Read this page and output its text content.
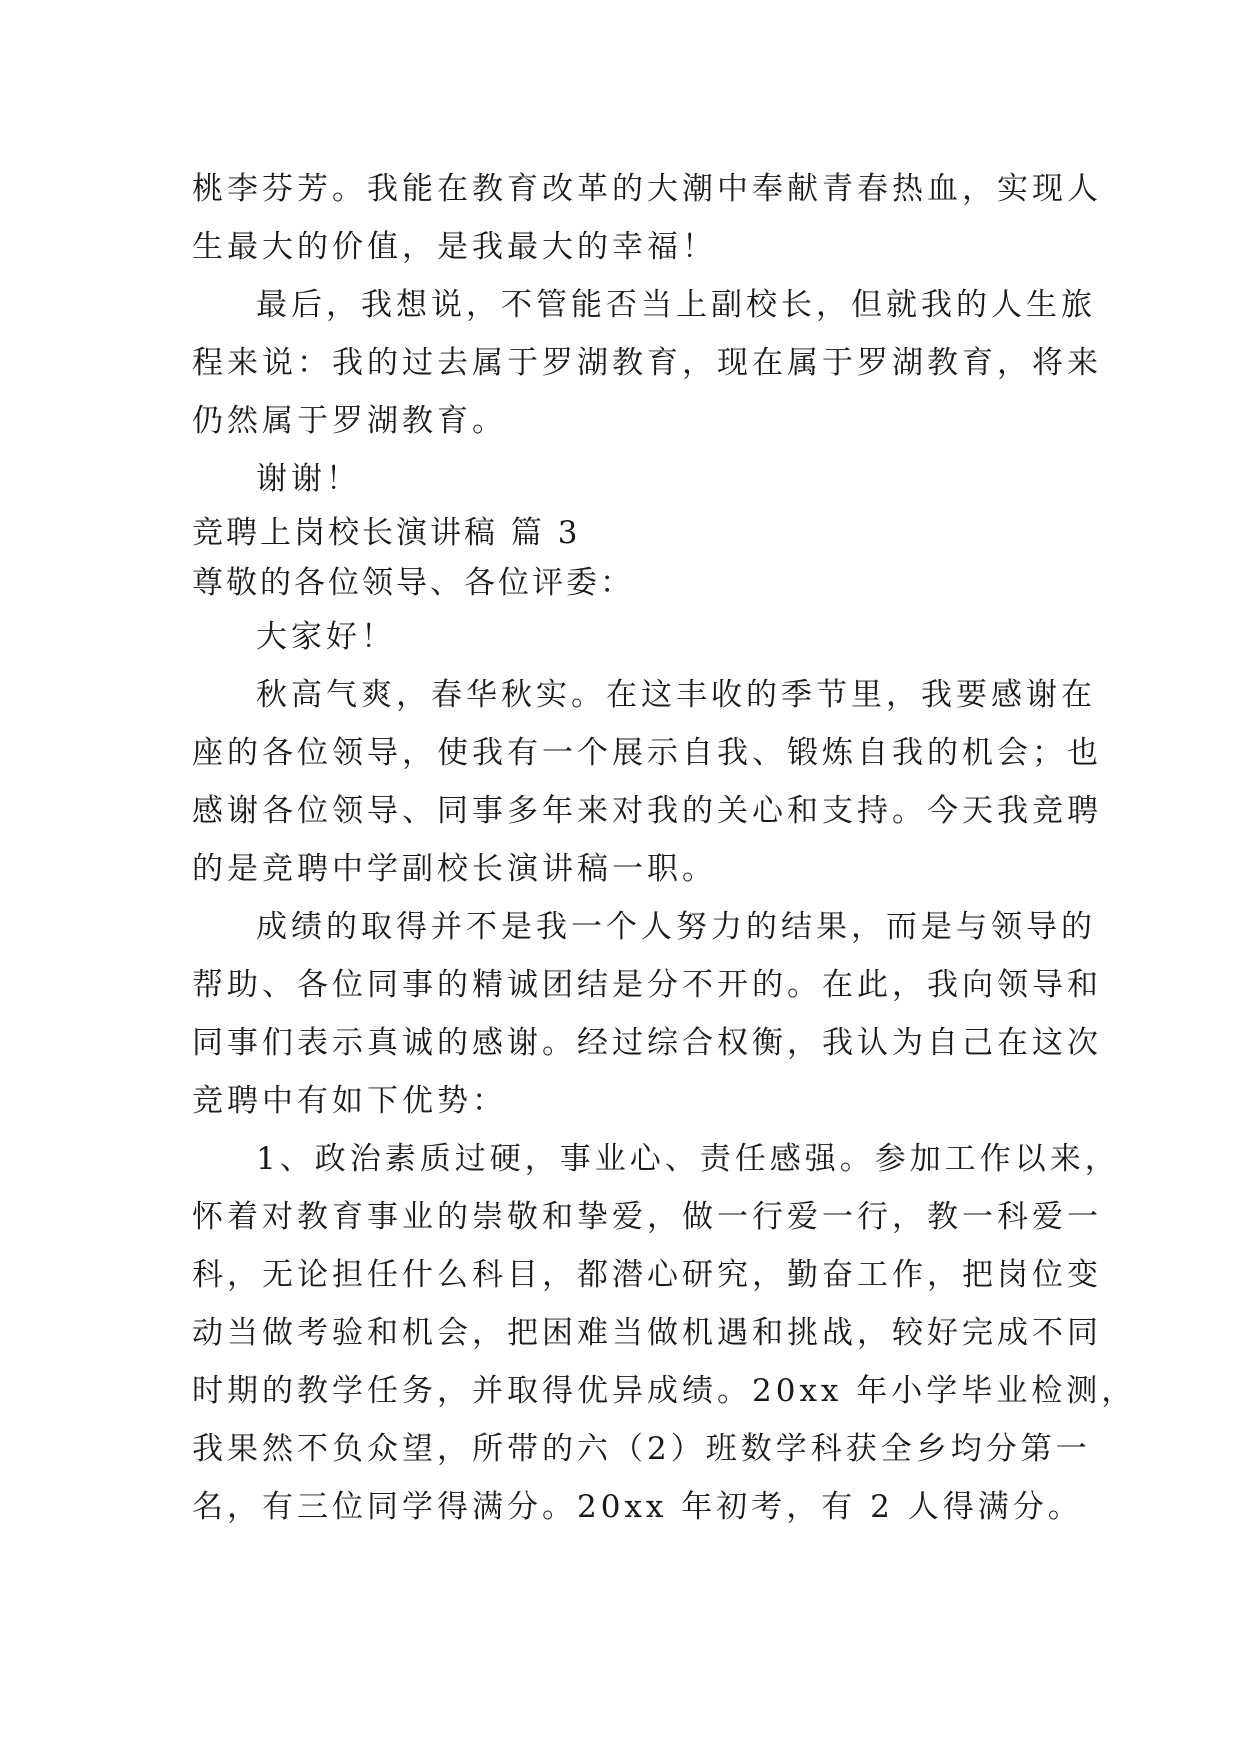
桃李芬芳。我能在教育改革的大潮中奉献青春热血，实现人
生最大的价值，是我最大的幸福！
最后，我想说，不管能否当上副校长，但就我的人生旅
程来说：我的过去属于罗湖教育，现在属于罗湖教育，将来
仍然属于罗湖教育。
谢谢！
竞聘上岗校长演讲稿 篇 3
尊敬的各位领导、各位评委：
大家好！
秋高气爽，春华秋实。在这丰收的季节里，我要感谢在
座的各位领导，使我有一个展示自我、锻炼自我的机会；也
感谢各位领导、同事多年来对我的关心和支持。今天我竞聘
的是竞聘中学副校长演讲稿一职。
成绩的取得并不是我一个人努力的结果，而是与领导的
帮助、各位同事的精诚团结是分不开的。在此，我向领导和
同事们表示真诚的感谢。经过综合权衡，我认为自己在这次
竞聘中有如下优势：
1、政治素质过硬，事业心、责任感强。参加工作以来，
怀着对教育事业的崇敬和挚爱，做一行爱一行，教一科爱一
科，无论担任什么科目，都潜心研究，勤奋工作，把岗位变
动当做考验和机会，把困难当做机遇和挑战，较好完成不同
时期的教学任务，并取得优异成绩。20xx 年小学毕业检测，
我果然不负众望，所带的六（2）班数学科获全乡均分第一
名，有三位同学得满分。20xx 年初考，有 2 人得满分。
